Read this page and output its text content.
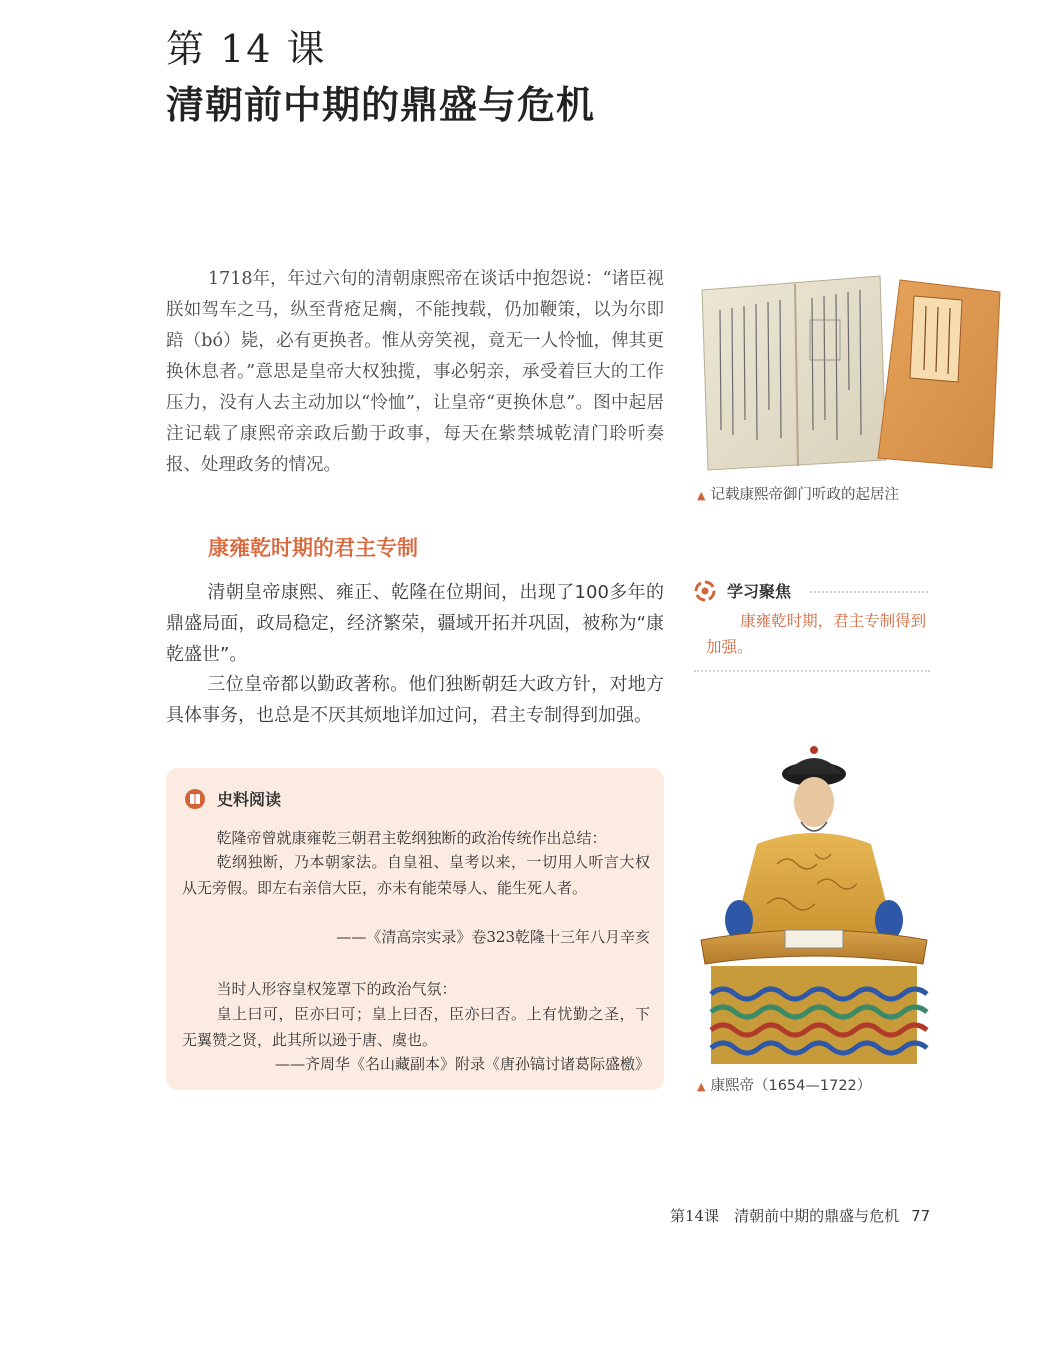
第 14 课
清朝前中期的鼎盛与危机
1718年，年过六旬的清朝康熙帝在谈话中抱怨说：“诸臣视朕如驾车之马，纵至背疮足瘸，不能拽载，仍加鞭策，以为尔即踣（bó）毙，必有更换者。惟从旁笑视，竟无一人怜恤，俾其更换休息者。”意思是皇帝大权独揽，事必躬亲，承受着巨大的工作压力，没有人去主动加以“怜恤”，让皇帝“更换休息”。图中起居注记载了康熙帝亲政后勤于政事，每天在紫禁城乾清门聆听奏报、处理政务的情况。
▲ 记载康熙帝御门听政的起居注
康雍乾时期的君主专制
清朝皇帝康熙、雍正、乾隆在位期间，出现了100多年的鼎盛局面，政局稳定，经济繁荣，疆域开拓并巩固，被称为“康乾盛世”。
三位皇帝都以勤政著称。他们独断朝廷大政方针，对地方具体事务，也总是不厌其烦地详加过问，君主专制得到加强。
学习聚焦
康雍乾时期，君主专制得到加强。
史料阅读
乾隆帝曾就康雍乾三朝君主乾纲独断的政治传统作出总结：
乾纲独断，乃本朝家法。自皇祖、皇考以来，一切用人听言大权从无旁假。即左右亲信大臣，亦未有能荣辱人、能生死人者。
——《清高宗实录》卷323乾隆十三年八月辛亥
当时人形容皇权笼罩下的政治气氛：
皇上曰可，臣亦曰可；皇上曰否，臣亦曰否。上有忧勤之圣，下无翼赞之贤，此其所以逊于唐、虞也。
——齐周华《名山藏副本》附录《唐孙镐讨诸葛际盛檄》
▲ 康熙帝（1654—1722）
第14课　清朝前中期的鼎盛与危机 77
